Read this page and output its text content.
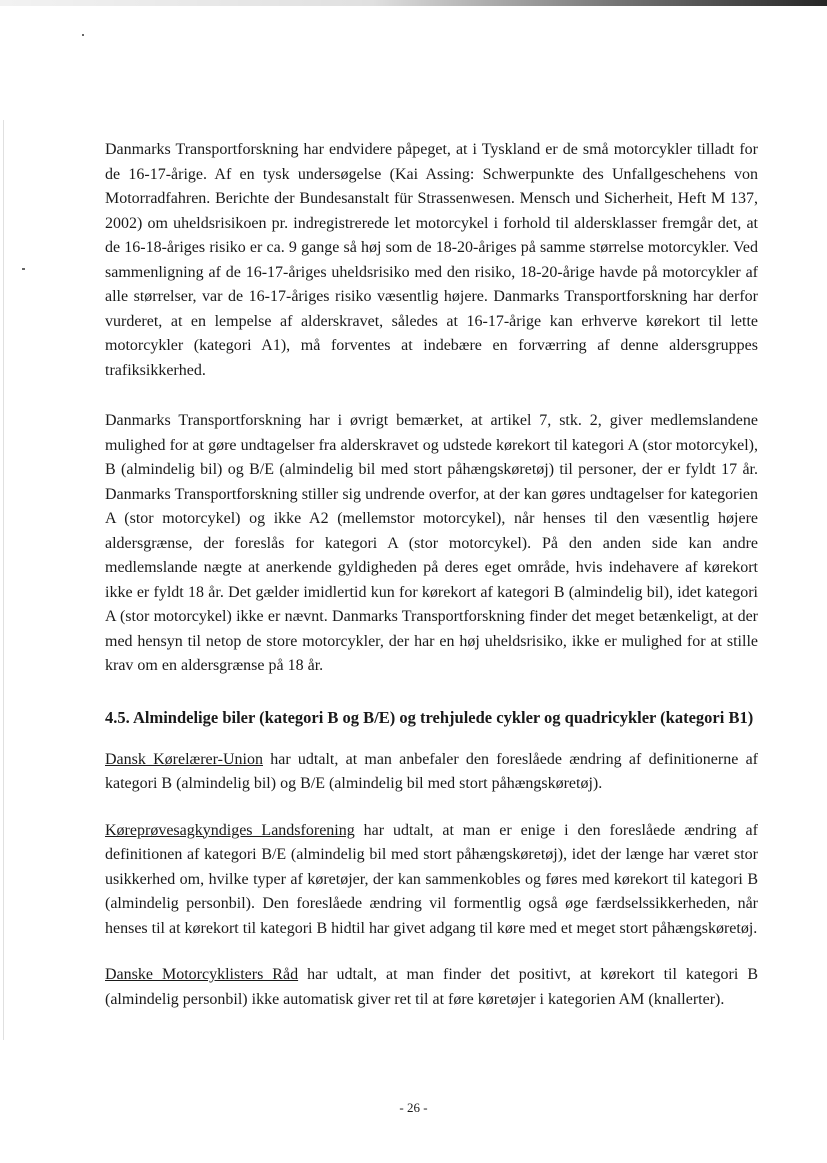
Danmarks Transportforskning har endvidere påpeget, at i Tyskland er de små motorcykler tilladt for de 16-17-årige. Af en tysk undersøgelse (Kai Assing: Schwerpunkte des Unfallgeschehens von Motorradfahren. Berichte der Bundesanstalt für Strassenwesen. Mensch und Sicherheit, Heft M 137, 2002) om uheldsrisikoen pr. indregistrerede let motorcykel i forhold til aldersklasser fremgår det, at de 16-18-åriges risiko er ca. 9 gange så høj som de 18-20-åriges på samme størrelse motorcykler. Ved sammenligning af de 16-17-åriges uheldsrisiko med den risiko, 18-20-årige havde på motorcykler af alle størrelser, var de 16-17-åriges risiko væsentlig højere. Danmarks Transportforskning har derfor vurderet, at en lempelse af alderskravet, således at 16-17-årige kan erhverve kørekort til lette motorcykler (kategori A1), må forventes at indebære en forværring af denne aldersgruppes trafiksikkerhed.

Danmarks Transportforskning har i øvrigt bemærket, at artikel 7, stk. 2, giver medlemslandene mulighed for at gøre undtagelser fra alderskravet og udstede kørekort til kategori A (stor motorcykel), B (almindelig bil) og B/E (almindelig bil med stort påhængskøretøj) til personer, der er fyldt 17 år. Danmarks Transportforskning stiller sig undrende overfor, at der kan gøres undtagelser for kategorien A (stor motorcykel) og ikke A2 (mellemstor motorcykel), når henses til den væsentlig højere aldersgrænse, der foreslås for kategori A (stor motorcykel). På den anden side kan andre medlemslande nægte at anerkende gyldigheden på deres eget område, hvis indehavere af kørekort ikke er fyldt 18 år. Det gælder imidlertid kun for kørekort af kategori B (almindelig bil), idet kategori A (stor motorcykel) ikke er nævnt. Danmarks Transportforskning finder det meget betænkeligt, at der med hensyn til netop de store motorcykler, der har en høj uheldsrisiko, ikke er mulighed for at stille krav om en aldersgrænse på 18 år.

4.5. Almindelige biler (kategori B og B/E) og trehjulede cykler og quadricykler (kategori B1)

Dansk Kørelærer-Union har udtalt, at man anbefaler den foreslåede ændring af definitionerne af kategori B (almindelig bil) og B/E (almindelig bil med stort påhængskøretøj).

Køreprøvesagkyndiges Landsforening har udtalt, at man er enige i den foreslåede ændring af definitionen af kategori B/E (almindelig bil med stort påhængskøretøj), idet der længe har været stor usikkerhed om, hvilke typer af køretøjer, der kan sammenkobles og føres med kørekort til kategori B (almindelig personbil). Den foreslåede ændring vil formentlig også øge færdselssikkerheden, når henses til at kørekort til kategori B hidtil har givet adgang til køre med et meget stort påhængskøretøj.

Danske Motorcyklisters Råd har udtalt, at man finder det positivt, at kørekort til kategori B (almindelig personbil) ikke automatisk giver ret til at føre køretøjer i kategorien AM (knallerter).

- 26 -
